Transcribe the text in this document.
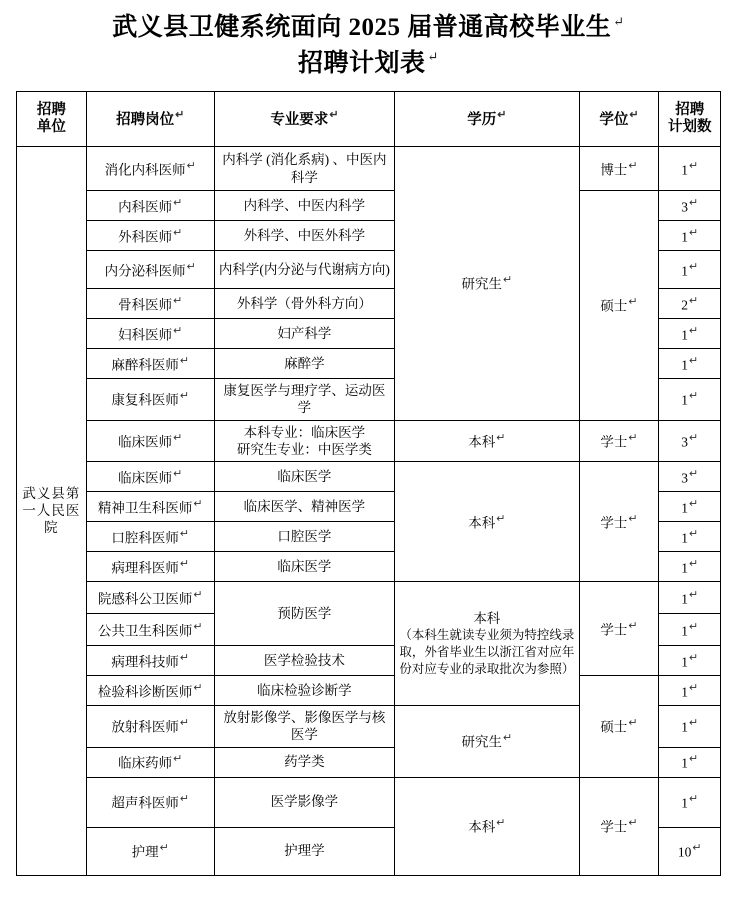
武义县卫健系统面向 2025 届普通高校毕业生 ↵
招聘计划表 ↵
招聘
单位	招聘岗位↵	专业要求↵	学历↵	学位↵	招聘
计划数

武义县第一人民医院	消化内科医师↵	内科学 (消化系病) 、中医内科学	研究生↵	博士↵	1↵
	内科医师↵	内科学、中医内科学		硕士↵	3↵
	外科医师↵	外科学、中医外科学			1↵
	内分泌科医师↵	内科学(内分泌与代谢病方向)			1↵
	骨科医师↵	外科学（骨外科方向）			2↵
	妇科医师↵	妇产科学			1↵
	麻醉科医师↵	麻醉学			1↵
	康复科医师↵	康复医学与理疗学、运动医学			1↵
	临床医师↵	本科专业：临床医学
研究生专业：中医学类	本科↵	学士↵	3↵
	临床医师↵	临床医学	本科↵	学士↵	3↵
	精神卫生科医师↵	临床医学、精神医学			1↵
	口腔科医师↵	口腔医学			1↵
	病理科医师↵	临床医学			1↵
	院感科公卫医师↵	预防医学	本科
（本科生就读专业须为特控线录取，外省毕业生以浙江省对应年份对应专业的录取批次为参照）	学士↵	1↵
	公共卫生科医师↵				1↵
	病理科技师↵	医学检验技术			1↵
	检验科诊断医师↵	临床检验诊断学		硕士↵	1↵
	放射科医师↵	放射影像学、影像医学与核医学	研究生↵		1↵
	临床药师↵	药学类			1↵
	超声科医师↵	医学影像学	本科↵	学士↵	1↵
	护理↵	护理学			10↵
